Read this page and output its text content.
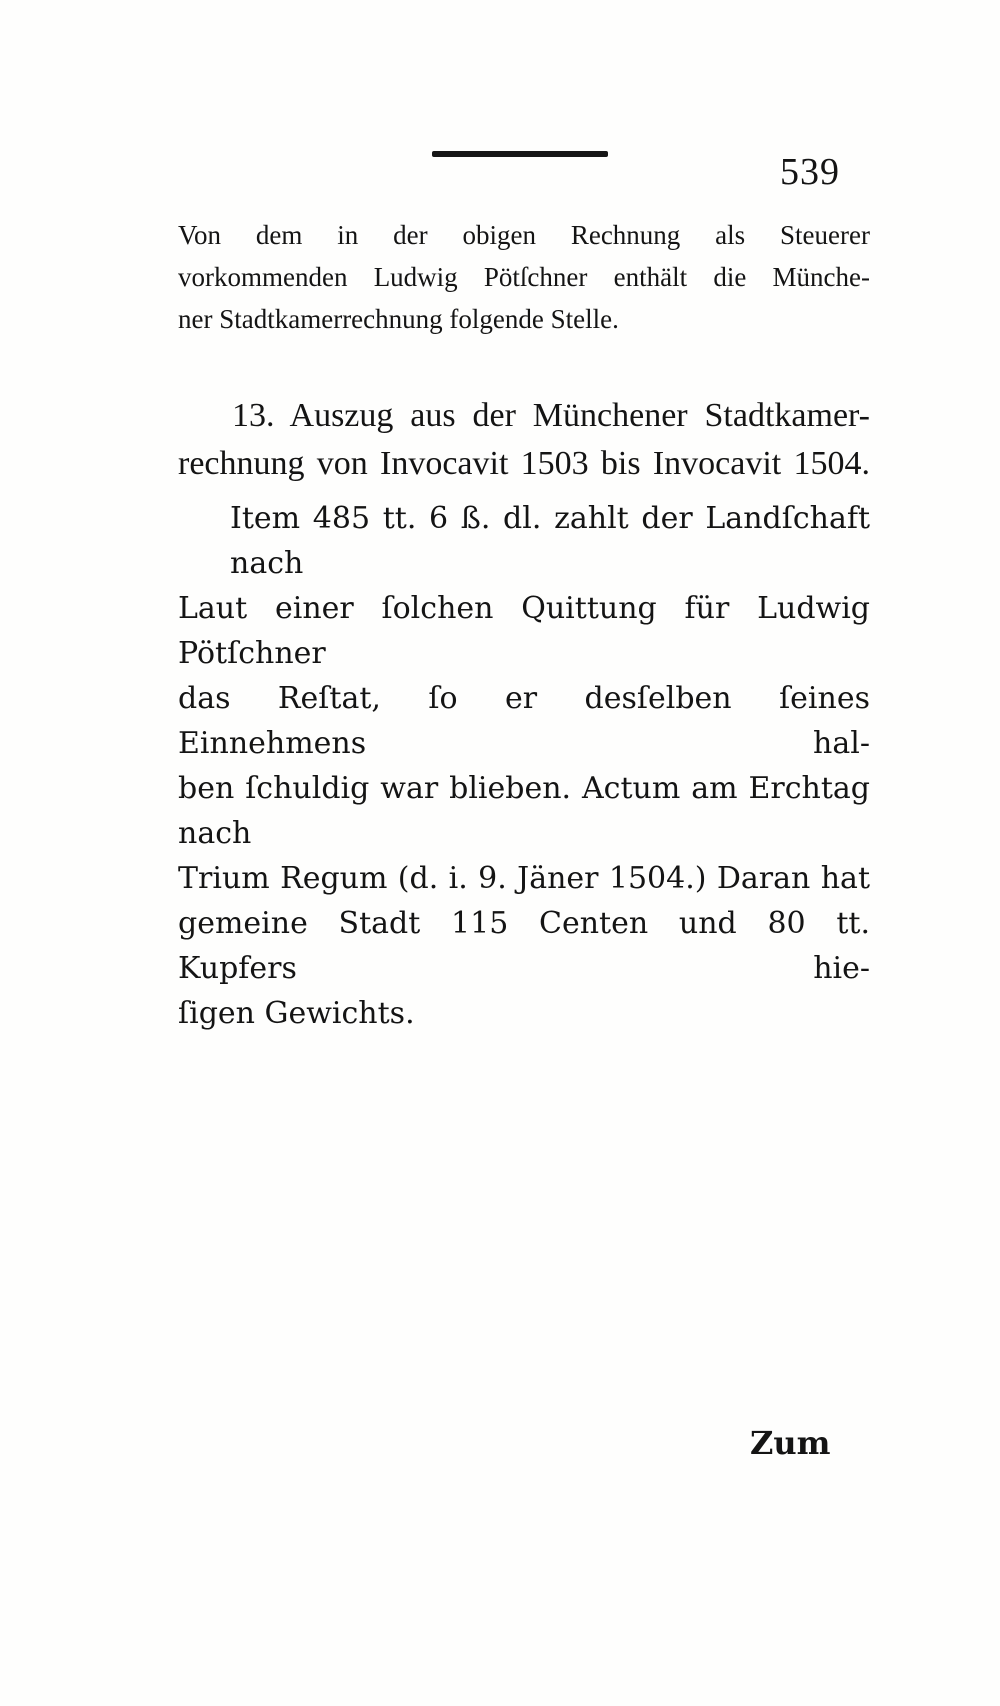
539
Von dem in der obigen Rechnung als Steuerer
vorkommenden Ludwig Pötſchner enthält die Münche-
ner Stadtkamerrechnung folgende Stelle.
13. Auszug aus der Münchener Stadtkamer-
rechnung von Invocavit 1503 bis Invocavit 1504.
Item 485 tt. 6 ß. dl. zahlt der Landſchaft nach
Laut einer ſolchen Quittung für Ludwig Pötſchner
das Reſtat, ſo er desſelben ſeines Einnehmens hal-
ben ſchuldig war blieben. Actum am Erchtag nach
Trium Regum (d. i. 9. Jäner 1504.) Daran hat
gemeine Stadt 115 Centen und 80 tt. Kupfers hie-
ſigen Gewichts.
Zum
